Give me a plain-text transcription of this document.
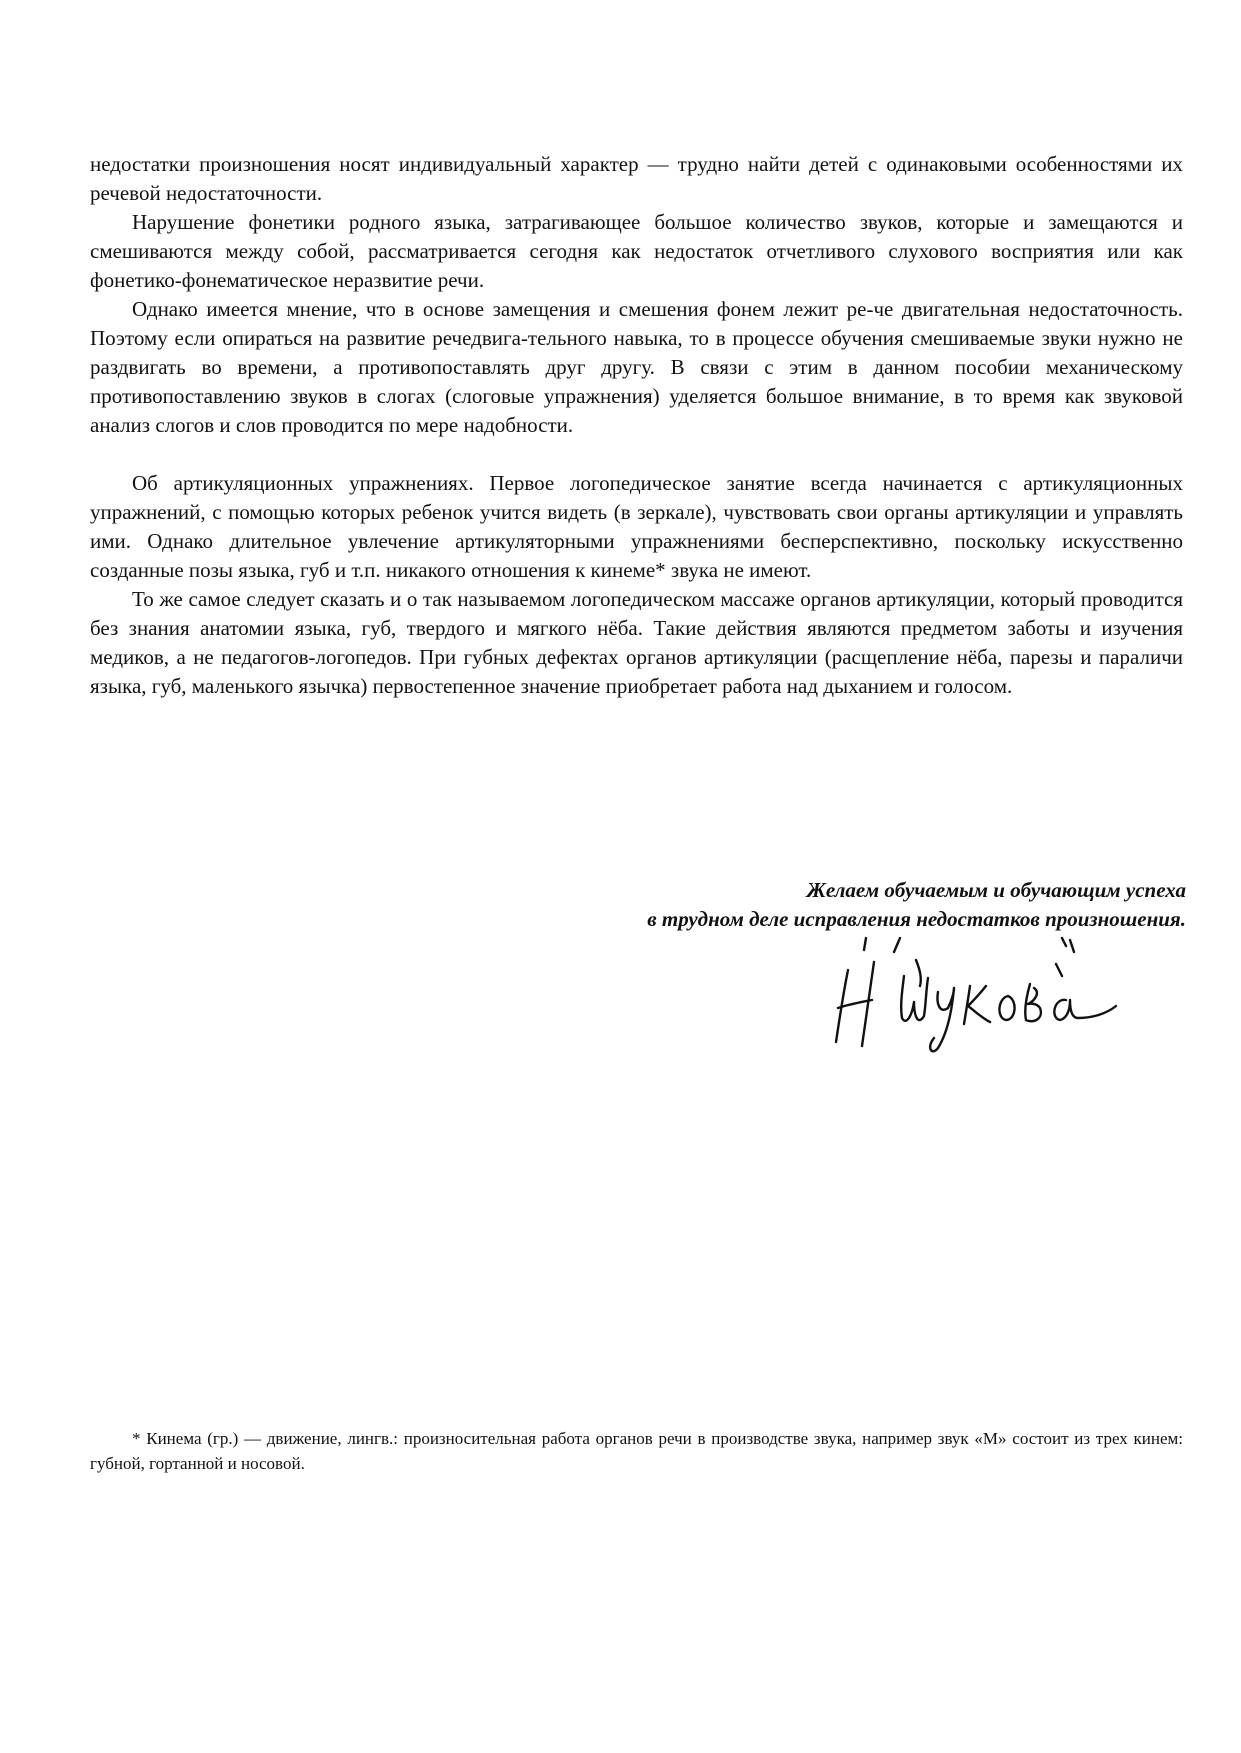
недостатки произношения носят индивидуальный характер — трудно найти детей с одинаковыми особенностями их речевой недостаточности.

Нарушение фонетики родного языка, затрагивающее большое количество звуков, которые и замещаются и смешиваются между собой, рассматривается сегодня как недостаток отчетливого слухового восприятия или как фонетико-фонематическое неразвитие речи.

Однако имеется мнение, что в основе замещения и смешения фонем лежит ре-че двигательная недостаточность. Поэтому если опираться на развитие речедвига-тельного навыка, то в процессе обучения смешиваемые звуки нужно не раздвигать во времени, а противопоставлять друг другу. В связи с этим в данном пособии механическому противопоставлению звуков в слогах (слоговые упражнения) уделяется большое внимание, в то время как звуковой анализ слогов и слов проводится по мере надобности.

Об артикуляционных упражнениях. Первое логопедическое занятие всегда начинается с артикуляционных упражнений, с помощью которых ребенок учится видеть (в зеркале), чувствовать свои органы артикуляции и управлять ими. Однако длительное увлечение артикуляторными упражнениями бесперспективно, поскольку искусственно созданные позы языка, губ и т.п. никакого отношения к кинеме* звука не имеют.

То же самое следует сказать и о так называемом логопедическом массаже органов артикуляции, который проводится без знания анатомии языка, губ, твердого и мягкого нёба. Такие действия являются предметом заботы и изучения медиков, а не педагогов-логопедов. При губных дефектах органов артикуляции (расщепление нёба, парезы и параличи языка, губ, маленького язычка) первостепенное значение приобретает работа над дыханием и голосом.

Желаем обучаемым и обучающим успеха
в трудном деле исправления недостатков произношения.

* Кинема (гр.) — движение, лингв.: произносительная работа органов речи в производстве звука, например звук «М» состоит из трех кинем: губной, гортанной и носовой.
